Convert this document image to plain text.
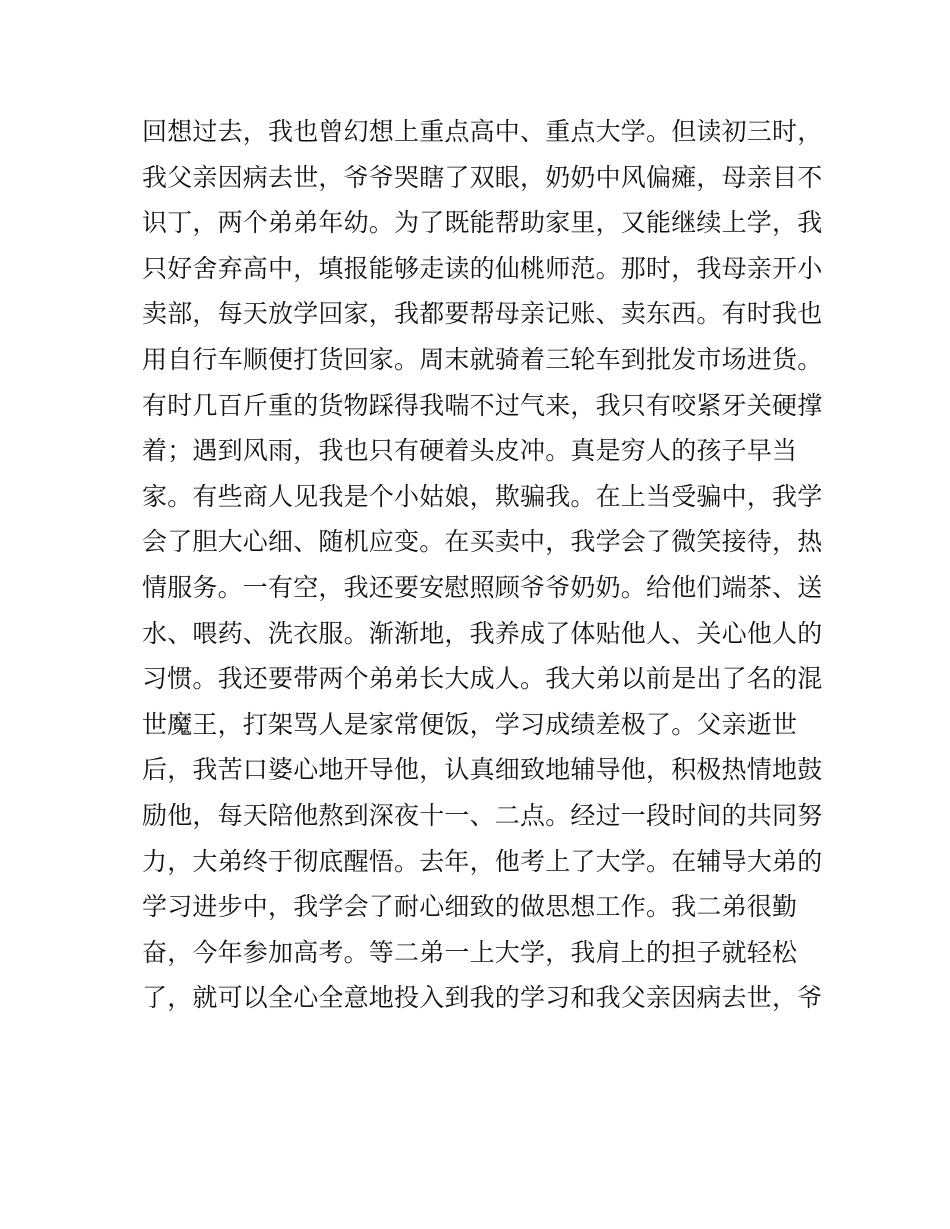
回想过去，我也曾幻想上重点高中、重点大学。但读初三时，
我父亲因病去世，爷爷哭瞎了双眼，奶奶中风偏瘫，母亲目不
识丁，两个弟弟年幼。为了既能帮助家里，又能继续上学，我
只好舍弃高中，填报能够走读的仙桃师范。那时，我母亲开小
卖部，每天放学回家，我都要帮母亲记账、卖东西。有时我也
用自行车顺便打货回家。周末就骑着三轮车到批发市场进货。
有时几百斤重的货物踩得我喘不过气来，我只有咬紧牙关硬撑
着；遇到风雨，我也只有硬着头皮冲。真是穷人的孩子早当
家。有些商人见我是个小姑娘，欺骗我。在上当受骗中，我学
会了胆大心细、随机应变。在买卖中，我学会了微笑接待，热
情服务。一有空，我还要安慰照顾爷爷奶奶。给他们端茶、送
水、喂药、洗衣服。渐渐地，我养成了体贴他人、关心他人的
习惯。我还要带两个弟弟长大成人。我大弟以前是出了名的混
世魔王，打架骂人是家常便饭，学习成绩差极了。父亲逝世
后，我苦口婆心地开导他，认真细致地辅导他，积极热情地鼓
励他，每天陪他熬到深夜十一、二点。经过一段时间的共同努
力，大弟终于彻底醒悟。去年，他考上了大学。在辅导大弟的
学习进步中，我学会了耐心细致的做思想工作。我二弟很勤
奋，今年参加高考。等二弟一上大学，我肩上的担子就轻松
了，就可以全心全意地投入到我的学习和我父亲因病去世，爷
